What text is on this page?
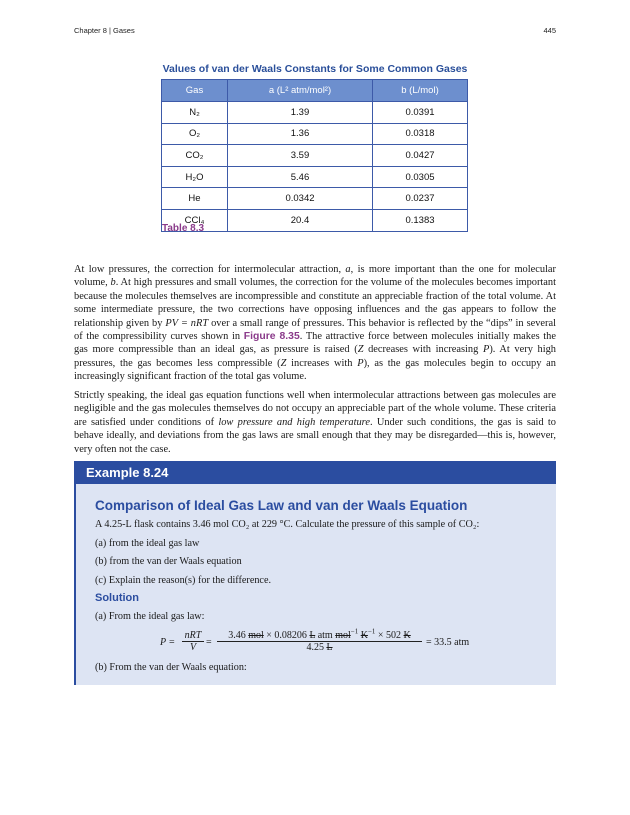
Chapter 8 | Gases	445
Values of van der Waals Constants for Some Common Gases
Gas	a (L² atm/mol²)	b (L/mol)
N₂	1.39	0.0391
O₂	1.36	0.0318
CO₂	3.59	0.0427
H₂O	5.46	0.0305
He	0.0342	0.0237
CCl₄	20.4	0.1383
Table 8.3

At low pressures, the correction for intermolecular attraction, a, is more important than the one for molecular volume, b. At high pressures and small volumes, the correction for the volume of the molecules becomes important because the molecules themselves are incompressible and constitute an appreciable fraction of the total volume. At some intermediate pressure, the two corrections have opposing influences and the gas appears to follow the relationship given by PV = nRT over a small range of pressures. This behavior is reflected by the “dips” in several of the compressibility curves shown in Figure 8.35. The attractive force between molecules initially makes the gas more compressible than an ideal gas, as pressure is raised (Z decreases with increasing P). At very high pressures, the gas becomes less compressible (Z increases with P), as the gas molecules begin to occupy an increasingly significant fraction of the total gas volume.

Strictly speaking, the ideal gas equation functions well when intermolecular attractions between gas molecules are negligible and the gas molecules themselves do not occupy an appreciable part of the whole volume. These criteria are satisfied under conditions of low pressure and high temperature. Under such conditions, the gas is said to behave ideally, and deviations from the gas laws are small enough that they may be disregarded—this is, however, very often not the case.

Example 8.24
Comparison of Ideal Gas Law and van der Waals Equation
A 4.25-L flask contains 3.46 mol CO₂ at 229 °C. Calculate the pressure of this sample of CO₂:
(a) from the ideal gas law
(b) from the van der Waals equation
(c) Explain the reason(s) for the difference.
Solution
(a) From the ideal gas law:
P =
nRT
V =
3.46 mol × 0.08206 L atm mol$^{-1}$ $K^{-1} \times 502$ K
4.25 L	= 33.5 atm
(b) From the van der Waals equation:
